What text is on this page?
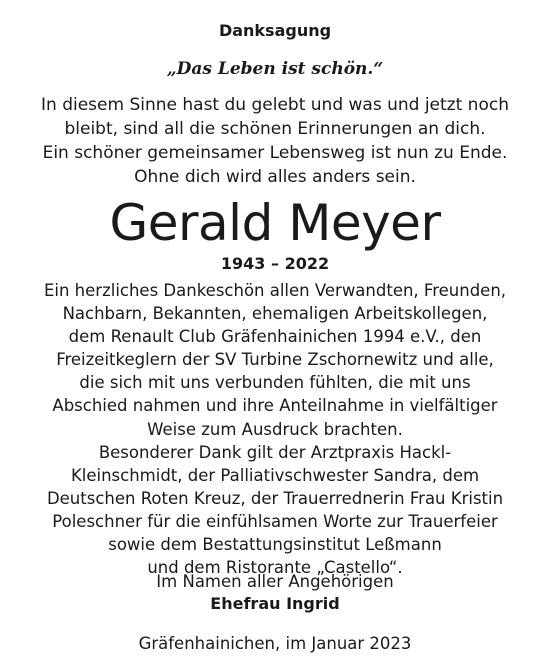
Danksagung
„Das Leben ist schön.“
In diesem Sinne hast du gelebt und was und jetzt noch
bleibt, sind all die schönen Erinnerungen an dich.
Ein schöner gemeinsamer Lebensweg ist nun zu Ende.
Ohne dich wird alles anders sein.
Gerald Meyer
1943 – 2022
Ein herzliches Dankeschön allen Verwandten, Freunden,
Nachbarn, Bekannten, ehemaligen Arbeitskollegen,
dem Renault Club Gräfenhainichen 1994 e.V., den
Freizeitkeglern der SV Turbine Zschornewitz und alle,
die sich mit uns verbunden fühlten, die mit uns
Abschied nahmen und ihre Anteilnahme in vielfältiger
Weise zum Ausdruck brachten.
Besonderer Dank gilt der Arztpraxis Hackl-
Kleinschmidt, der Palliativschwester Sandra, dem
Deutschen Roten Kreuz, der Trauerrednerin Frau Kristin
Poleschner für die einfühlsamen Worte zur Trauerfeier
sowie dem Bestattungsinstitut Leßmann
und dem Ristorante „Castello“.
Im Namen aller Angehörigen
Ehefrau Ingrid
Gräfenhainichen, im Januar 2023
